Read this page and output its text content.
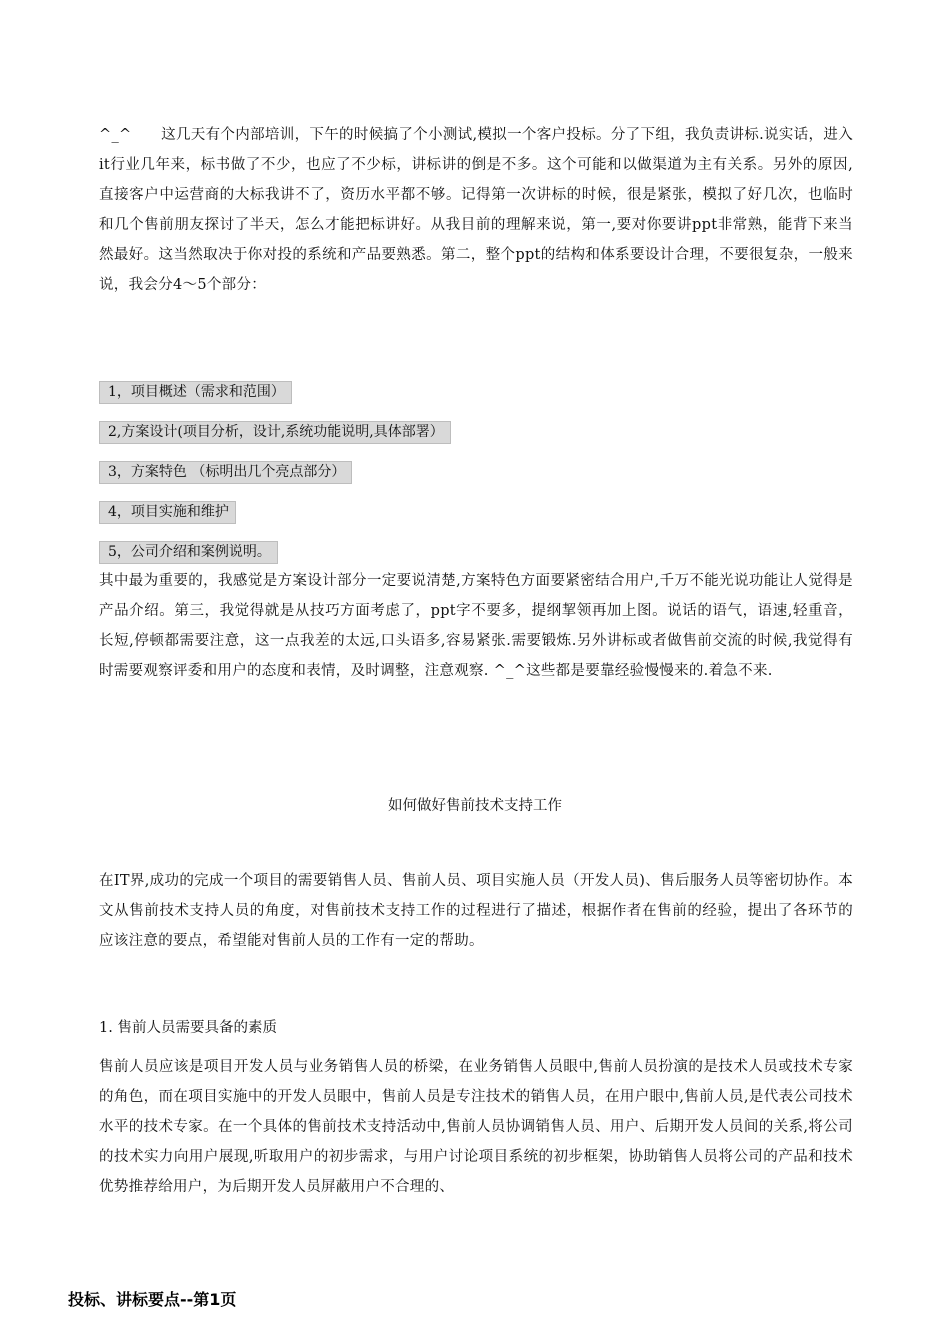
^_^　　这几天有个内部培训，下午的时候搞了个小测试,模拟一个客户投标。分了下组，我负责讲标.说实话，进入it行业几年来，标书做了不少，也应了不少标，讲标讲的倒是不多。这个可能和以做渠道为主有关系。另外的原因,直接客户中运营商的大标我讲不了，资历水平都不够。记得第一次讲标的时候，很是紧张，模拟了好几次，也临时和几个售前朋友探讨了半天，怎么才能把标讲好。从我目前的理解来说，第一,要对你要讲ppt非常熟，能背下来当然最好。这当然取决于你对投的系统和产品要熟悉。第二，整个ppt的结构和体系要设计合理，不要很复杂，一般来说，我会分4～5个部分：

1，项目概述（需求和范围）
2,方案设计(项目分析，设计,系统功能说明,具体部署）
3，方案特色 （标明出几个亮点部分）
4，项目实施和维护
5，公司介绍和案例说明。

其中最为重要的，我感觉是方案设计部分一定要说清楚,方案特色方面要紧密结合用户,千万不能光说功能让人觉得是产品介绍。第三，我觉得就是从技巧方面考虑了，ppt字不要多，提纲挈领再加上图。说话的语气，语速,轻重音，长短,停顿都需要注意，这一点我差的太远,口头语多,容易紧张.需要锻炼.另外讲标或者做售前交流的时候,我觉得有时需要观察评委和用户的态度和表情，及时调整，注意观察. ^_^这些都是要靠经验慢慢来的.着急不来.

如何做好售前技术支持工作

在IT界,成功的完成一个项目的需要销售人员、售前人员、项目实施人员（开发人员)、售后服务人员等密切协作。本文从售前技术支持人员的角度，对售前技术支持工作的过程进行了描述，根据作者在售前的经验，提出了各环节的应该注意的要点，希望能对售前人员的工作有一定的帮助。

1. 售前人员需要具备的素质

售前人员应该是项目开发人员与业务销售人员的桥梁，在业务销售人员眼中,售前人员扮演的是技术人员或技术专家的角色，而在项目实施中的开发人员眼中，售前人员是专注技术的销售人员，在用户眼中,售前人员,是代表公司技术水平的技术专家。在一个具体的售前技术支持活动中,售前人员协调销售人员、用户、后期开发人员间的关系,将公司的技术实力向用户展现,听取用户的初步需求，与用户讨论项目系统的初步框架，协助销售人员将公司的产品和技术优势推荐给用户，为后期开发人员屏蔽用户不合理的、

投标、讲标要点--第1页
